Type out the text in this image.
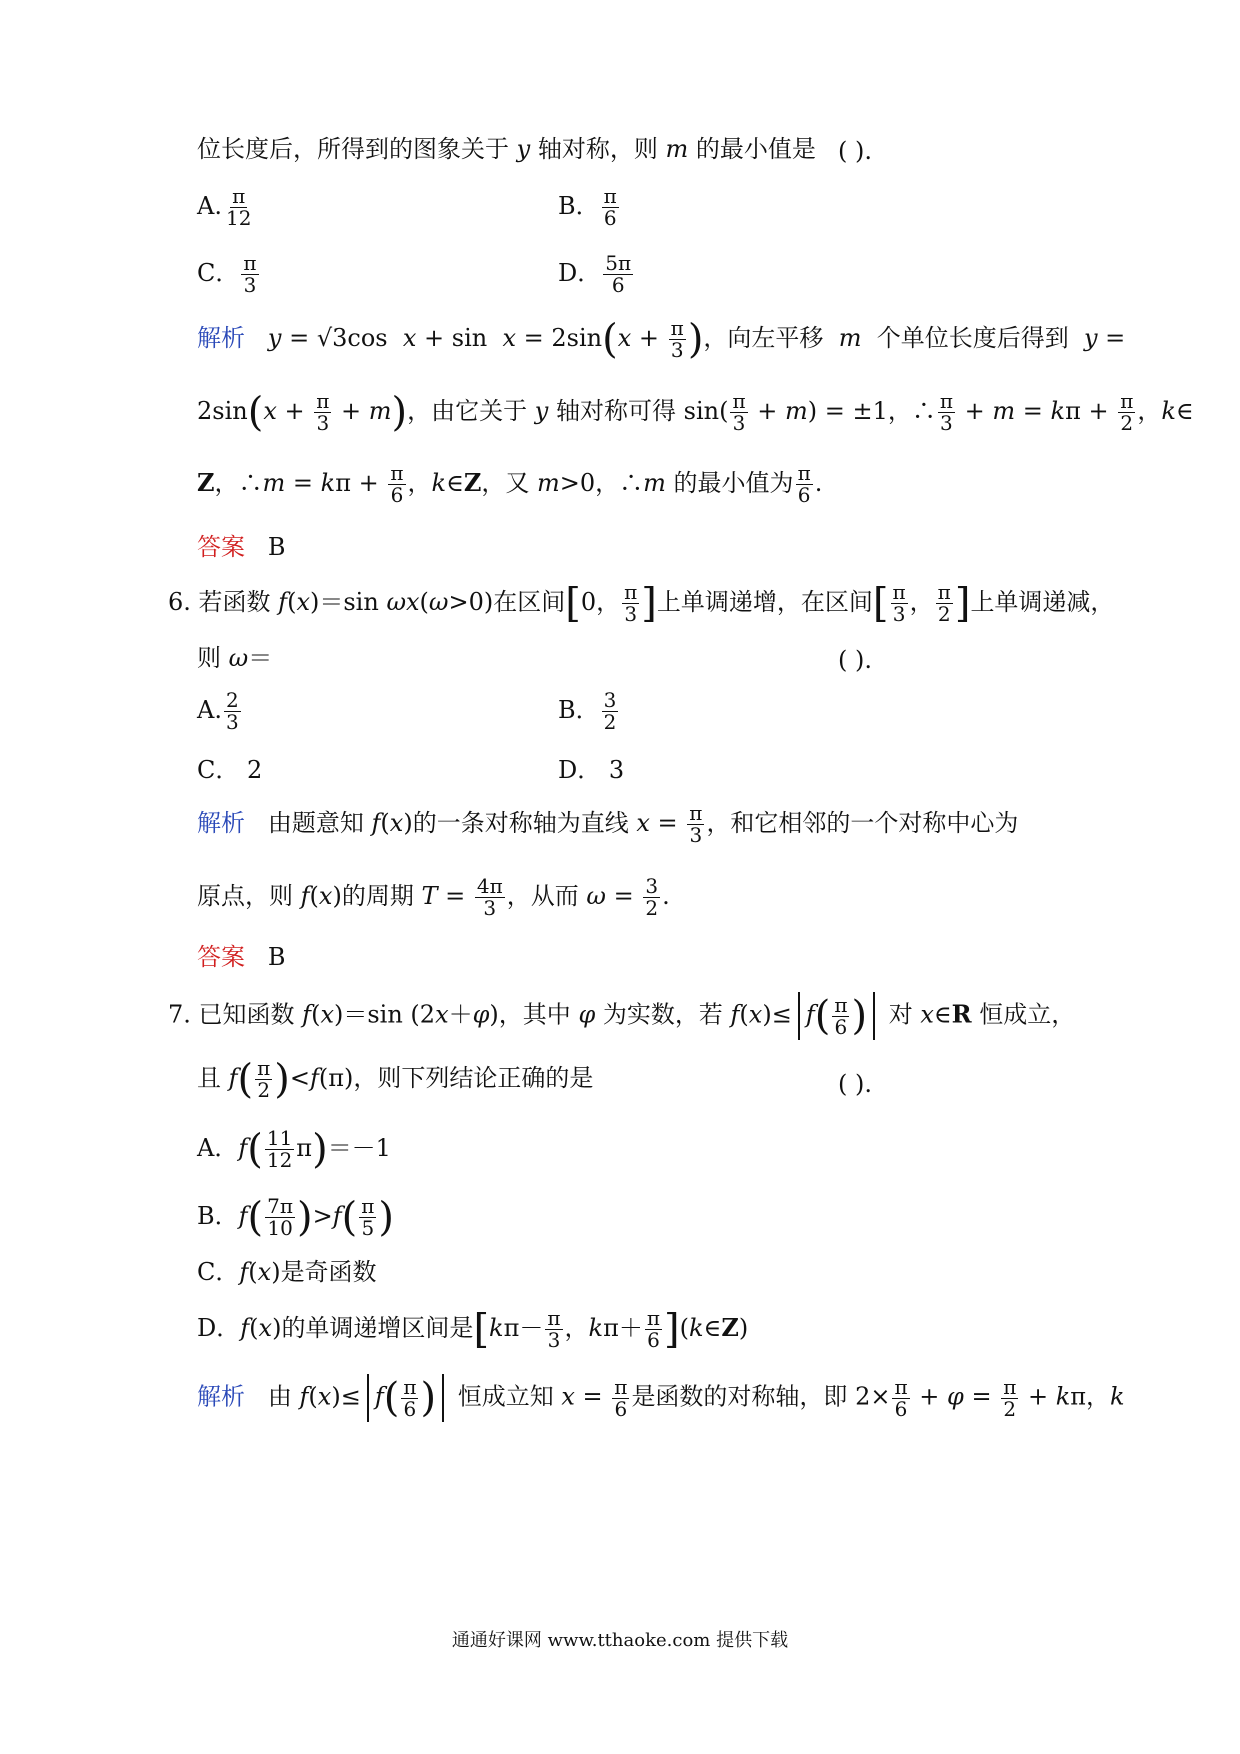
位长度后，所得到的图象关于 y 轴对称，则 m 的最小值是 ( ).
A. $\frac{\pi}{12}$	B． $\frac{\pi}{6}$
C． $\frac{\pi}{3}$	D． $\frac{5\pi}{6}$
解析 y = √3cos  $x + \sin x = 2\sin(x + \frac{\pi}{3}$ )，向左平移  m  个单位长度后得到  y =
$2\sin(x + \frac{\pi}{3} + m)$，由它关于 y 轴对称可得 $\sin( \frac{\pi}{3} + m) = \pm 1$，∴ $\frac{\pi}{3} + m = k\pi + \frac{\pi}{2}$ ，k∈
Z，∴m = $k\pi + \frac{\pi}{6}$ ，k∈Z，又 m>0，∴m 的最小值为 $\frac{\pi}{6}$ .
答案 B
6. 若函数 f(x)＝sin ωx(ω>0)在区间[0， $\frac{\pi}{3}$ ]上单调递增，在区间[ $\frac{\pi}{3}$ ， $\frac{\pi}{2}$ ]上单调递减，
则 ω＝	( ).
A. $\frac{2}{3}$	B． $\frac{3}{2}$
C． 2	D． 3
解析 由题意知 f(x)的一条对称轴为直线 $x = \frac{\pi}{3}$ ，和它相邻的一个对称中心为
原点，则 f(x)的周期 $T = \frac{4\pi}{3}$ ，从而 $\omega = \frac{3}{2}$ .
答案 B
7. 已知函数 f(x)＝sin (2x＋φ)，其中 φ 为实数，若 $f(x)\le f( \frac{\pi}{6}$ ) 对 x∈R 恒成立，
且 $f( \frac{\pi}{2} )<f(\pi)$，则下列结论正确的是	( ).
A．$f( \frac{11}{12} \pi)=-1$
B．$f( \frac{7\pi}{10} )>f( \frac{\pi}{5}$ )
C．f(x)是奇函数
D．f(x)的单调递增区间是[$k\pi- \frac{\pi}{3}$ ，$k\pi+ \frac{\pi}{6}$ ](k∈Z)
解析 由 $f(x)\le f( \frac{\pi}{6}$ ) 恒成立知 $x = \frac{\pi}{6}$ 是函数的对称轴，即 $2\times \frac{\pi}{6} + \varphi = \frac{\pi}{2} + k\pi$，k
通通好课网 www.tthaoke.com 提供下载
